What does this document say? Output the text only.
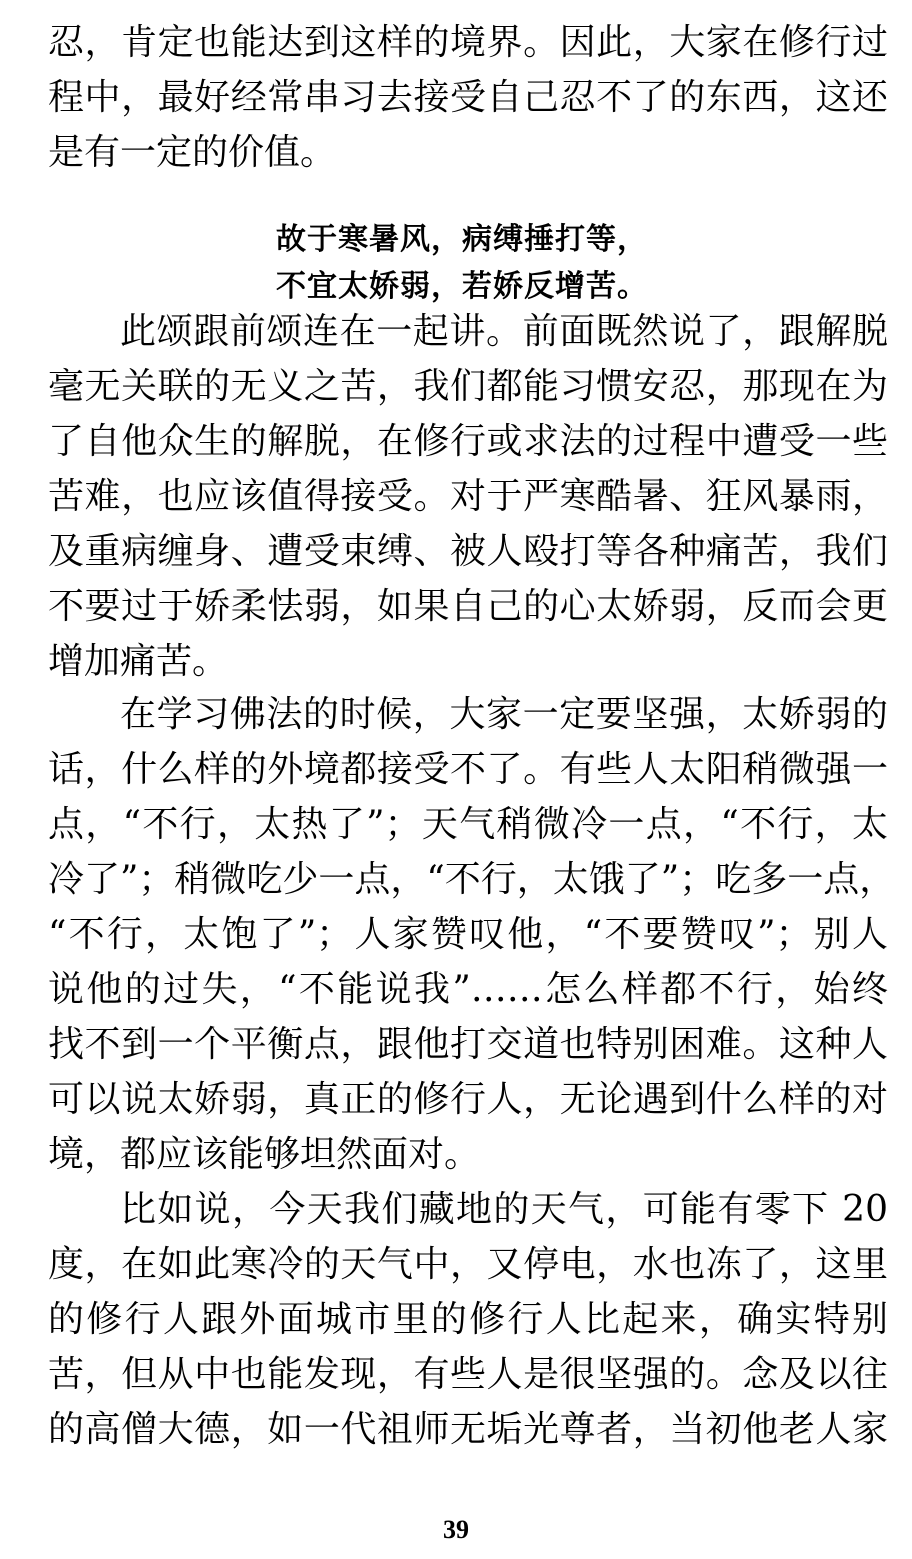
忍，肯定也能达到这样的境界。因此，大家在修行过
程中，最好经常串习去接受自己忍不了的东西，这还
是有一定的价值。
故于寒暑风，病缚捶打等，
不宜太娇弱，若娇反增苦。
此颂跟前颂连在一起讲。前面既然说了，跟解脱
毫无关联的无义之苦，我们都能习惯安忍，那现在为
了自他众生的解脱，在修行或求法的过程中遭受一些
苦难，也应该值得接受。对于严寒酷暑、狂风暴雨，
及重病缠身、遭受束缚、被人殴打等各种痛苦，我们
不要过于娇柔怯弱，如果自己的心太娇弱，反而会更
增加痛苦。
在学习佛法的时候，大家一定要坚强，太娇弱的
话，什么样的外境都接受不了。有些人太阳稍微强一
点，“不行，太热了”；天气稍微冷一点，“不行，太
冷了”；稍微吃少一点，“不行，太饿了”；吃多一点，
“不行，太饱了”；人家赞叹他，“不要赞叹”；别人
说他的过失，“不能说我”……怎么样都不行，始终
找不到一个平衡点，跟他打交道也特别困难。这种人
可以说太娇弱，真正的修行人，无论遇到什么样的对
境，都应该能够坦然面对。
比如说，今天我们藏地的天气，可能有零下 20
度，在如此寒冷的天气中，又停电，水也冻了，这里
的修行人跟外面城市里的修行人比起来，确实特别
苦，但从中也能发现，有些人是很坚强的。念及以往
的高僧大德，如一代祖师无垢光尊者，当初他老人家
39
